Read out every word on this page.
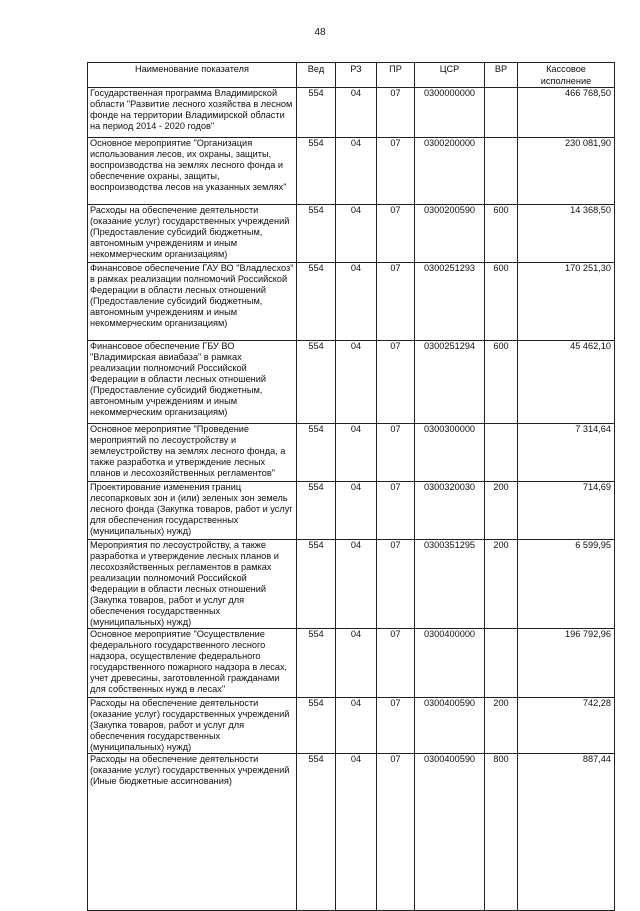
48
Наименование показателя	Вед	РЗ	ПР	ЦСР	ВР	Кассовое исполнение
Государственная программа Владимирской области "Развитие лесного хозяйства в лесном фонде на территории Владимирской области на период 2014 - 2020 годов"	554	04	07	0300000000		466 768,50
Основное мероприятие "Организация использования лесов, их охраны, защиты, воспроизводства на землях лесного фонда и обеспечение охраны, защиты, воспроизводства лесов на указанных землях"	554	04	07	0300200000		230 081,90
Расходы на обеспечение деятельности (оказание услуг) государственных учреждений (Предоставление субсидий бюджетным, автономным учреждениям и иным некоммерческим организациям)	554	04	07	0300200590	600	14 368,50
Финансовое обеспечение ГАУ ВО "Владлесхоз" в рамках реализации полномочий Российской Федерации в области лесных отношений (Предоставление субсидий бюджетным, автономным учреждениям и иным некоммерческим организациям)	554	04	07	0300251293	600	170 251,30
Финансовое обеспечение ГБУ ВО "Владимирская авиабаза" в рамках реализации полномочий Российской Федерации в области лесных отношений (Предоставление субсидий бюджетным, автономным учреждениям и иным некоммерческим организациям)	554	04	07	0300251294	600	45 462,10
Основное мероприятие "Проведение мероприятий по лесоустройству и землеустройству на землях лесного фонда, а также разработка и утверждение лесных планов и лесохозяйственных регламентов"	554	04	07	0300300000		7 314,64
Проектирование изменения границ лесопарковых зон и (или) зеленых зон земель лесного фонда (Закупка товаров, работ и услуг для обеспечения государственных (муниципальных) нужд)	554	04	07	0300320030	200	714,69
Мероприятия по лесоустройству, а также разработка и утверждение лесных планов и лесохозяйственных регламентов в рамках реализации полномочий Российской Федерации в области лесных отношений (Закупка товаров, работ и услуг для обеспечения государственных (муниципальных) нужд)	554	04	07	0300351295	200	6 599,95
Основное мероприятие "Осуществление федерального государственного лесного надзора, осуществление федерального государственного пожарного надзора в лесах, учет древесины, заготовленной гражданами для собственных нужд в лесах"	554	04	07	0300400000		196 792,96
Расходы на обеспечение деятельности (оказание услуг) государственных учреждений (Закупка товаров, работ и услуг для обеспечения государственных (муниципальных) нужд)	554	04	07	0300400590	200	742,28
Расходы на обеспечение деятельности (оказание услуг) государственных учреждений (Иные бюджетные ассигнования)	554	04	07	0300400590	800	887,44
